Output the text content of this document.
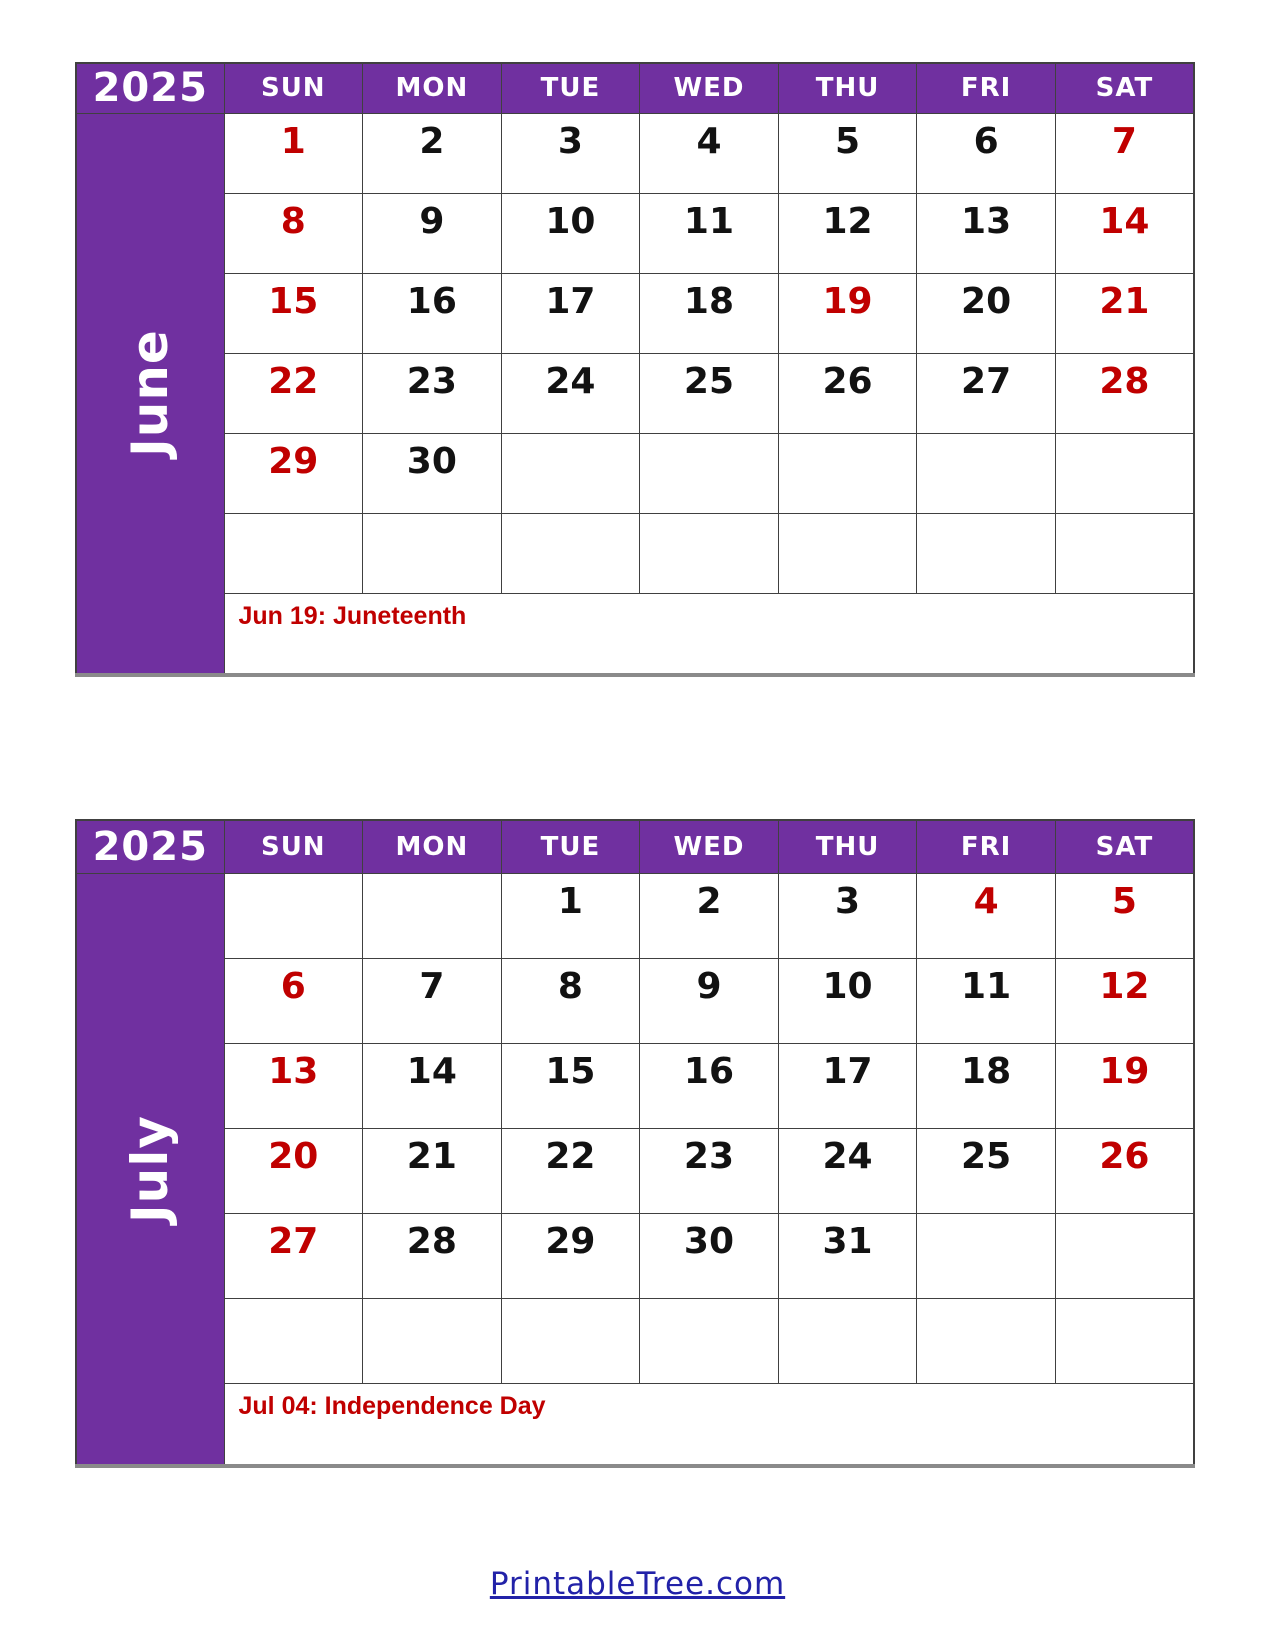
2025	SUN	MON	TUE	WED	THU	FRI	SAT

June	1	2	3	4	5	6	7
	8	9	10	11	12	13	14
	15	16	17	18	19	20	21
	22	23	24	25	26	27	28
	29	30					

	Jun 19: Juneteenth						
2025	SUN	MON	TUE	WED	THU	FRI	SAT

July			1	2	3	4	5
	6	7	8	9	10	11	12
	13	14	15	16	17	18	19
	20	21	22	23	24	25	26
	27	28	29	30	31		

	Jul 04: Independence Day						
PrintableTree.com
